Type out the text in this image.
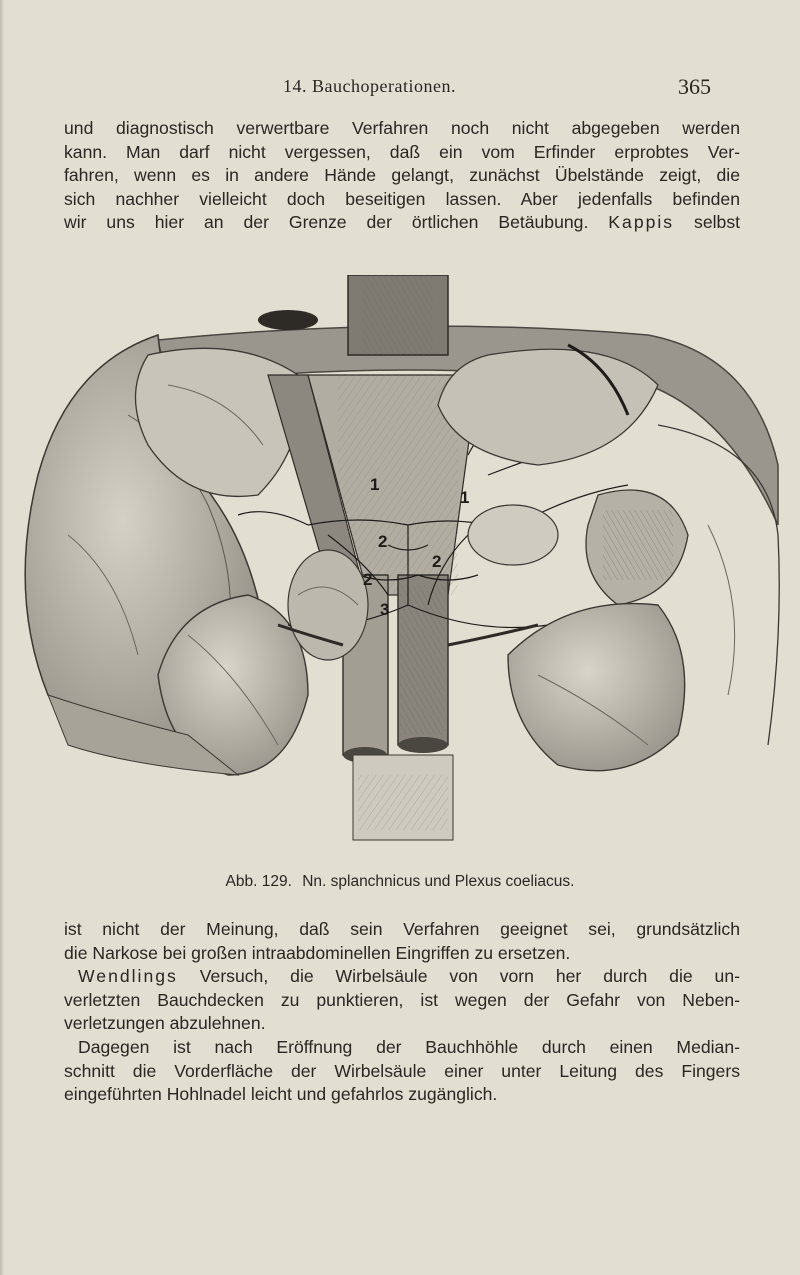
14. Bauchoperationen.	365
und diagnostisch verwertbare Verfahren noch nicht abgegeben werden
kann. Man darf nicht vergessen, daß ein vom Erfinder erprobtes Ver-
fahren, wenn es in andere Hände gelangt, zunächst Übelstände zeigt, die
sich nachher vielleicht doch beseitigen lassen. Aber jedenfalls befinden
wir uns hier an der Grenze der örtlichen Betäubung. Kappis selbst
1
1
2
2
2
3
Abb. 129. Nn. splanchnicus und Plexus coeliacus.
ist nicht der Meinung, daß sein Verfahren geeignet sei, grundsätzlich
die Narkose bei großen intraabdominellen Eingriffen zu ersetzen.
Wendlings Versuch, die Wirbelsäule von vorn her durch die un-
verletzten Bauchdecken zu punktieren, ist wegen der Gefahr von Neben-
verletzungen abzulehnen.
Dagegen ist nach Eröffnung der Bauchhöhle durch einen Median-
schnitt die Vorderfläche der Wirbelsäule einer unter Leitung des Fingers
eingeführten Hohlnadel leicht und gefahrlos zugänglich.
